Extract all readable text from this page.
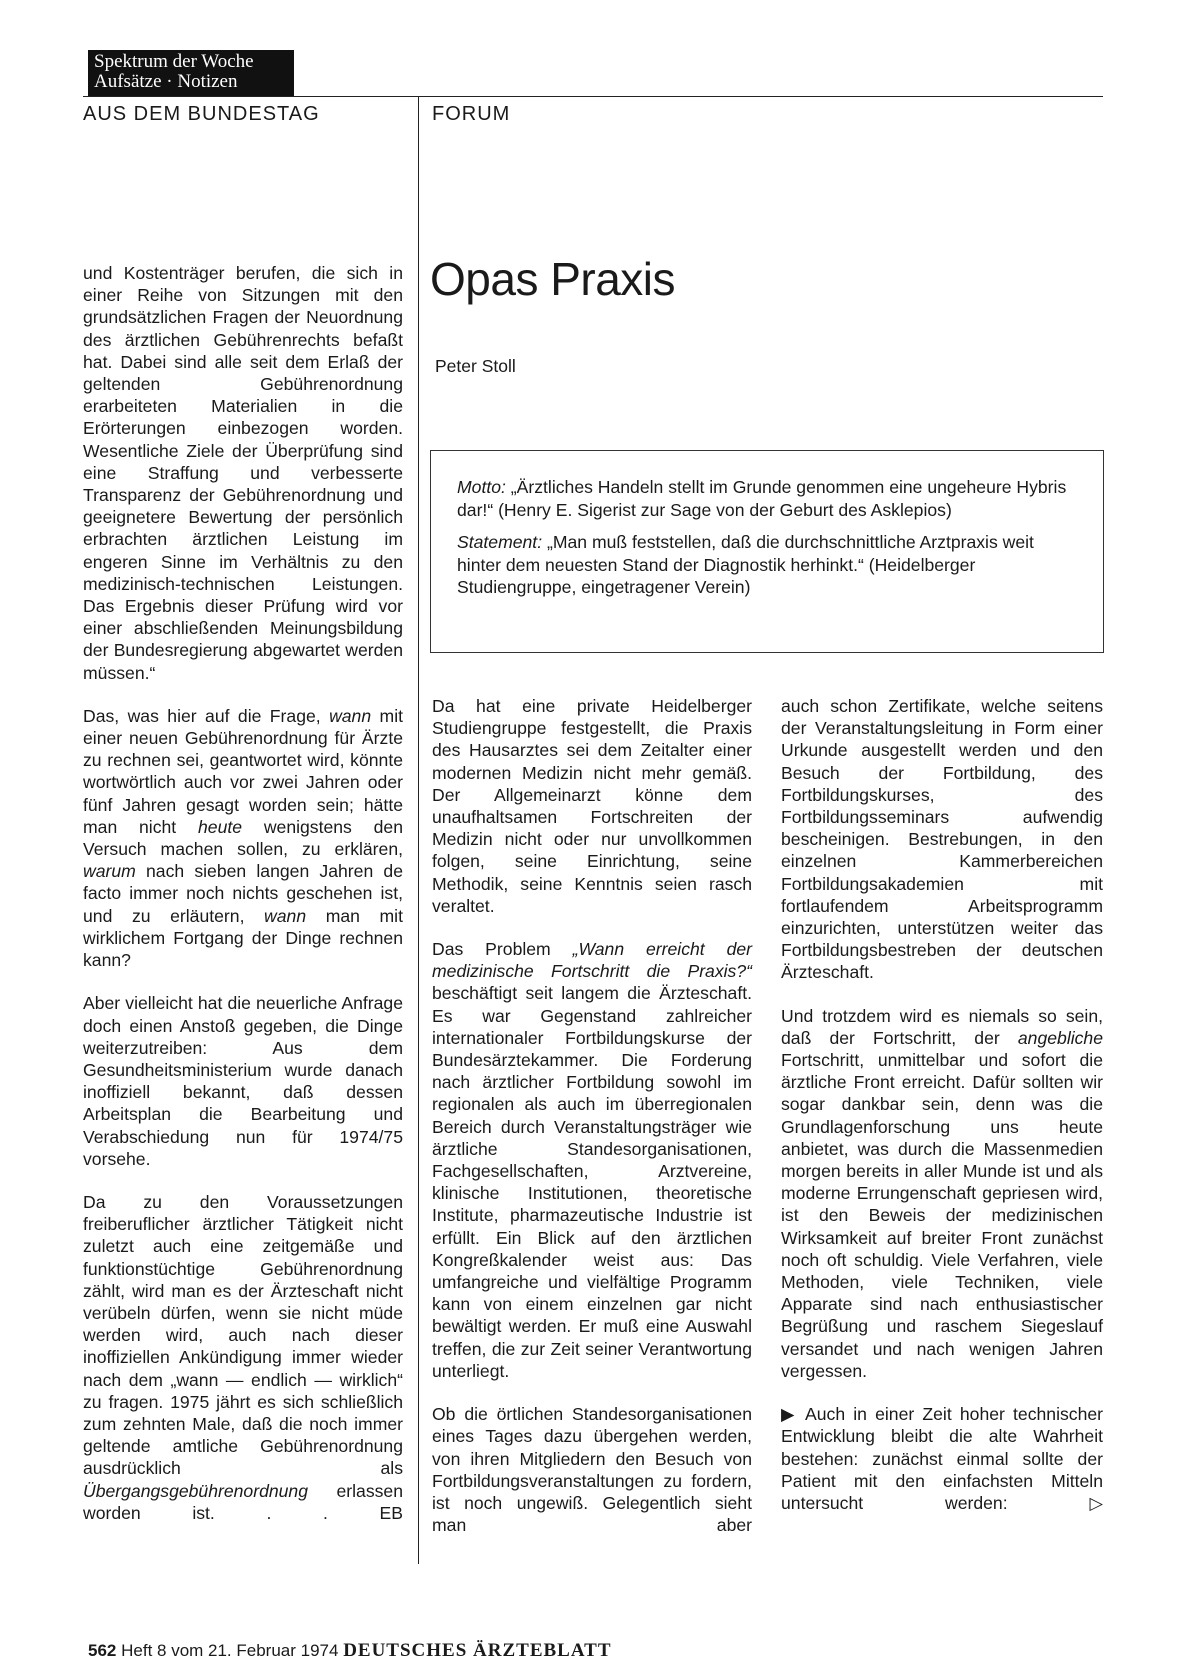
Spektrum der Woche
Aufsätze · Notizen
AUS DEM BUNDESTAG	FORUM

und Kostenträger berufen, die sich in einer Reihe von Sitzungen mit den grundsätzlichen Fragen der Neuordnung des ärztlichen Gebührenrechts befaßt hat. Dabei sind alle seit dem Erlaß der geltenden Gebührenordnung erarbeiteten Materialien in die Erörterungen einbezogen worden. Wesentliche Ziele der Überprüfung sind eine Straffung und verbesserte Transparenz der Gebührenordnung und geeignetere Bewertung der persönlich erbrachten ärztlichen Leistung im engeren Sinne im Verhältnis zu den medizinisch-technischen Leistungen. Das Ergebnis dieser Prüfung wird vor einer abschließenden Meinungsbildung der Bundesregierung abgewartet werden müssen.“

Das, was hier auf die Frage, wann mit einer neuen Gebührenordnung für Ärzte zu rechnen sei, geantwortet wird, könnte wortwörtlich auch vor zwei Jahren oder fünf Jahren gesagt worden sein; hätte man nicht heute wenigstens den Versuch machen sollen, zu erklären, warum nach sieben langen Jahren de facto immer noch nichts geschehen ist, und zu erläutern, wann man mit wirklichem Fortgang der Dinge rechnen kann?

Aber vielleicht hat die neuerliche Anfrage doch einen Anstoß gegeben, die Dinge weiterzutreiben: Aus dem Gesundheitsministerium wurde danach inoffiziell bekannt, daß dessen Arbeitsplan die Bearbeitung und Verabschiedung nun für 1974/75 vorsehe.

Da zu den Voraussetzungen freiberuflicher ärztlicher Tätigkeit nicht zuletzt auch eine zeitgemäße und funktionstüchtige Gebührenordnung zählt, wird man es der Ärzteschaft nicht verübeln dürfen, wenn sie nicht müde werden wird, auch nach dieser inoffiziellen Ankündigung immer wieder nach dem „wann — endlich — wirklich“ zu fragen. 1975 jährt es sich schließlich zum zehnten Male, daß die noch immer geltende amtliche Gebührenordnung ausdrücklich als Übergangsgebührenordnung erlassen worden ist. . .	EB

Opas Praxis
Peter Stoll

Motto: „Ärztliches Handeln stellt im Grunde genommen eine ungeheure Hybris dar!“ (Henry E. Sigerist zur Sage von der Geburt des Asklepios)

Statement: „Man muß feststellen, daß die durchschnittliche Arztpraxis weit hinter dem neuesten Stand der Diagnostik herhinkt.“ (Heidelberger Studiengruppe, eingetragener Verein)

Da hat eine private Heidelberger Studiengruppe festgestellt, die Praxis des Hausarztes sei dem Zeitalter einer modernen Medizin nicht mehr gemäß. Der Allgemeinarzt könne dem unaufhaltsamen Fortschreiten der Medizin nicht oder nur unvollkommen folgen, seine Einrichtung, seine Methodik, seine Kenntnis seien rasch veraltet.

Das Problem „Wann erreicht der medizinische Fortschritt die Praxis?“ beschäftigt seit langem die Ärzteschaft. Es war Gegenstand zahlreicher internationaler Fortbildungskurse der Bundesärztekammer. Die Forderung nach ärztlicher Fortbildung sowohl im regionalen als auch im überregionalen Bereich durch Veranstaltungsträger wie ärztliche Standesorganisationen, Fachgesellschaften, Arztvereine, klinische Institutionen, theoretische Institute, pharmazeutische Industrie ist erfüllt. Ein Blick auf den ärztlichen Kongreßkalender weist aus: Das umfangreiche und vielfältige Programm kann von einem einzelnen gar nicht bewältigt werden. Er muß eine Auswahl treffen, die zur Zeit seiner Verantwortung unterliegt.

Ob die örtlichen Standesorganisationen eines Tages dazu übergehen werden, von ihren Mitgliedern den Besuch von Fortbildungsveranstaltungen zu fordern, ist noch ungewiß. Gelegentlich sieht man aber

auch schon Zertifikate, welche seitens der Veranstaltungsleitung in Form einer Urkunde ausgestellt werden und den Besuch der Fortbildung, des Fortbildungskurses, des Fortbildungsseminars aufwendig bescheinigen. Bestrebungen, in den einzelnen Kammerbereichen Fortbildungsakademien mit fortlaufendem Arbeitsprogramm einzurichten, unterstützen weiter das Fortbildungsbestreben der deutschen Ärzteschaft.

Und trotzdem wird es niemals so sein, daß der Fortschritt, der angebliche Fortschritt, unmittelbar und sofort die ärztliche Front erreicht. Dafür sollten wir sogar dankbar sein, denn was die Grundlagenforschung uns heute anbietet, was durch die Massenmedien morgen bereits in aller Munde ist und als moderne Errungenschaft gepriesen wird, ist den Beweis der medizinischen Wirksamkeit auf breiter Front zunächst noch oft schuldig. Viele Verfahren, viele Methoden, viele Techniken, viele Apparate sind nach enthusiastischer Begrüßung und raschem Siegeslauf versandet und nach wenigen Jahren vergessen.

▶ Auch in einer Zeit hoher technischer Entwicklung bleibt die alte Wahrheit bestehen: zunächst einmal sollte der Patient mit den einfachsten Mitteln untersucht werden:	▷

562 Heft 8 vom 21. Februar 1974 DEUTSCHES ÄRZTEBLATT
